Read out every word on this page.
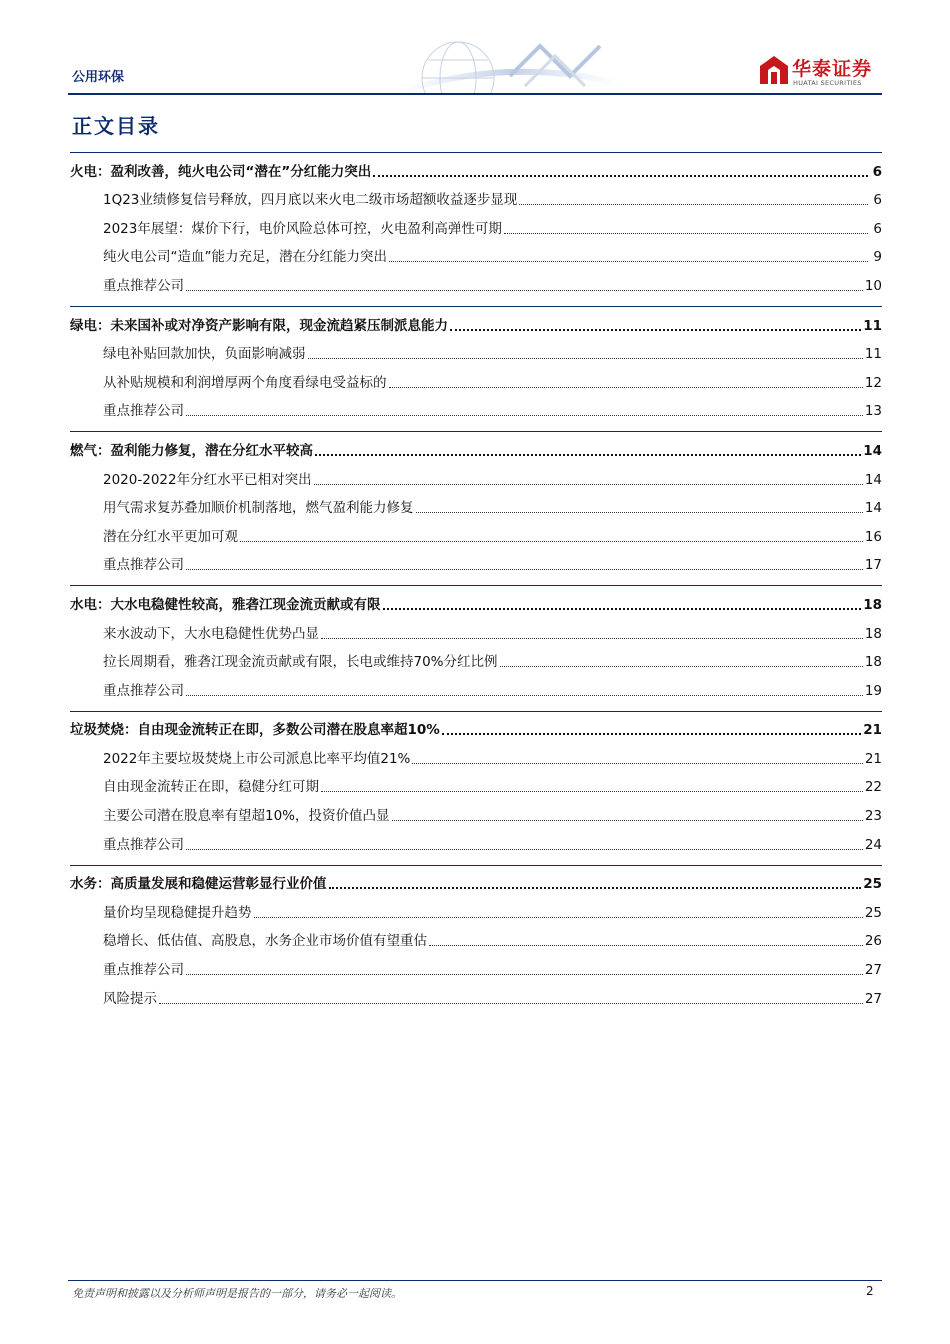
公用环保	华泰证券
HUATAI SECURITIES
正文目录
火电：盈利改善，纯火电公司“潜在”分红能力突出	6
1Q23业绩修复信号释放，四月底以来火电二级市场超额收益逐步显现	6
2023年展望：煤价下行，电价风险总体可控，火电盈利高弹性可期	6
纯火电公司“造血”能力充足，潜在分红能力突出	9
重点推荐公司	10
绿电：未来国补或对净资产影响有限，现金流趋紧压制派息能力	11
绿电补贴回款加快，负面影响减弱	11
从补贴规模和利润增厚两个角度看绿电受益标的	12
重点推荐公司	13
燃气：盈利能力修复，潜在分红水平较高	14
2020-2022年分红水平已相对突出	14
用气需求复苏叠加顺价机制落地，燃气盈利能力修复	14
潜在分红水平更加可观	16
重点推荐公司	17
水电：大水电稳健性较高，雅砻江现金流贡献或有限	18
来水波动下，大水电稳健性优势凸显	18
拉长周期看，雅砻江现金流贡献或有限，长电或维持70%分红比例	18
重点推荐公司	19
垃圾焚烧：自由现金流转正在即，多数公司潜在股息率超10%	21
2022年主要垃圾焚烧上市公司派息比率平均值21%	21
自由现金流转正在即，稳健分红可期	22
主要公司潜在股息率有望超10%，投资价值凸显	23
重点推荐公司	24
水务：高质量发展和稳健运营彰显行业价值	25
量价均呈现稳健提升趋势	25
稳增长、低估值、高股息，水务企业市场价值有望重估	26
重点推荐公司	27
风险提示	27
免责声明和披露以及分析师声明是报告的一部分，请务必一起阅读。	2
